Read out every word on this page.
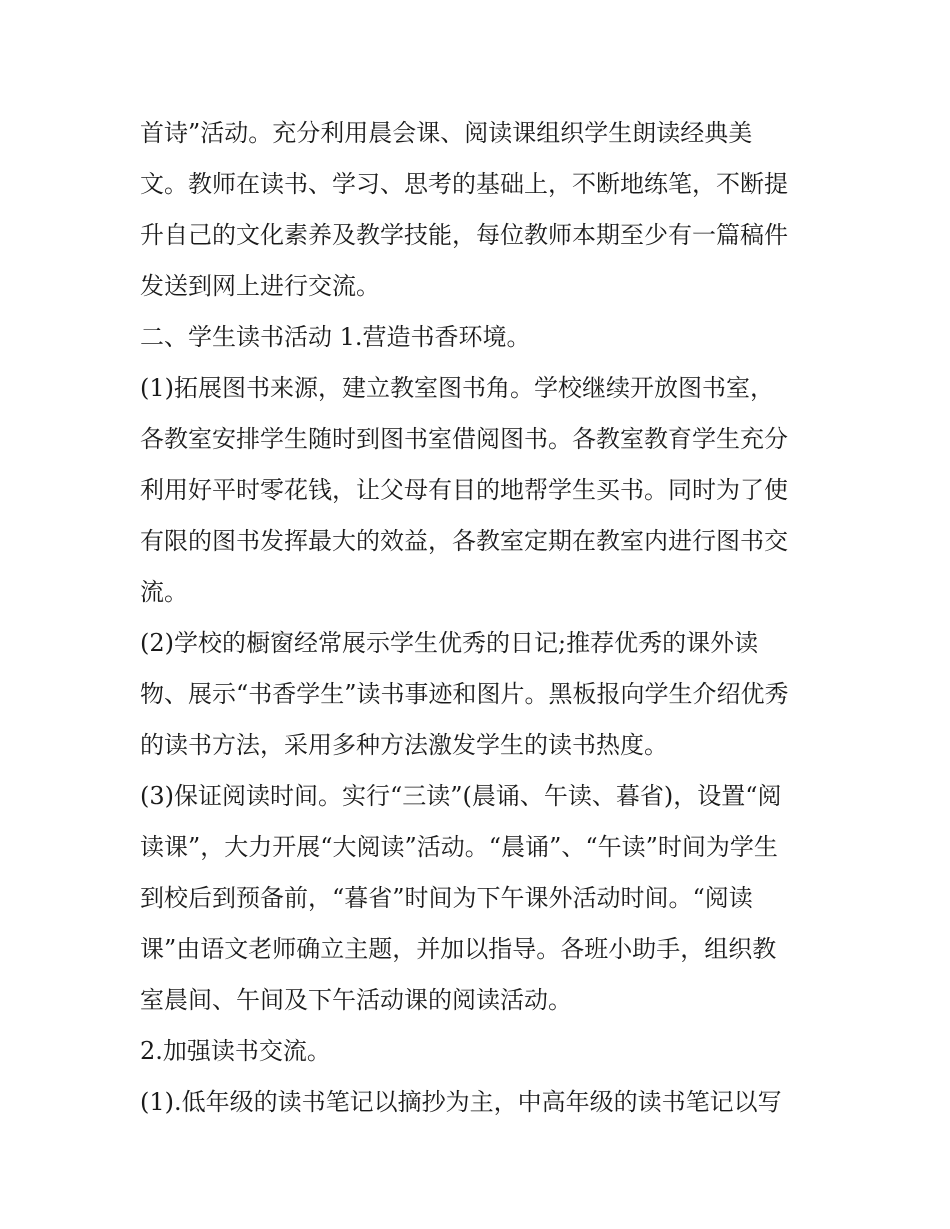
首诗”活动。充分利用晨会课、阅读课组织学生朗读经典美
文。教师在读书、学习、思考的基础上，不断地练笔，不断提
升自己的文化素养及教学技能，每位教师本期至少有一篇稿件
发送到网上进行交流。
二、学生读书活动 1.营造书香环境。
(1)拓展图书来源，建立教室图书角。学校继续开放图书室，
各教室安排学生随时到图书室借阅图书。各教室教育学生充分
利用好平时零花钱，让父母有目的地帮学生买书。同时为了使
有限的图书发挥最大的效益，各教室定期在教室内进行图书交
流。
(2)学校的橱窗经常展示学生优秀的日记;推荐优秀的课外读
物、展示“书香学生”读书事迹和图片。黑板报向学生介绍优秀
的读书方法，采用多种方法激发学生的读书热度。
(3)保证阅读时间。实行“三读”(晨诵、午读、暮省)，设置“阅
读课”，大力开展“大阅读”活动。“晨诵”、“午读”时间为学生
到校后到预备前，“暮省”时间为下午课外活动时间。“阅读
课”由语文老师确立主题，并加以指导。各班小助手，组织教
室晨间、午间及下午活动课的阅读活动。
2.加强读书交流。
(1).低年级的读书笔记以摘抄为主，中高年级的读书笔记以写
